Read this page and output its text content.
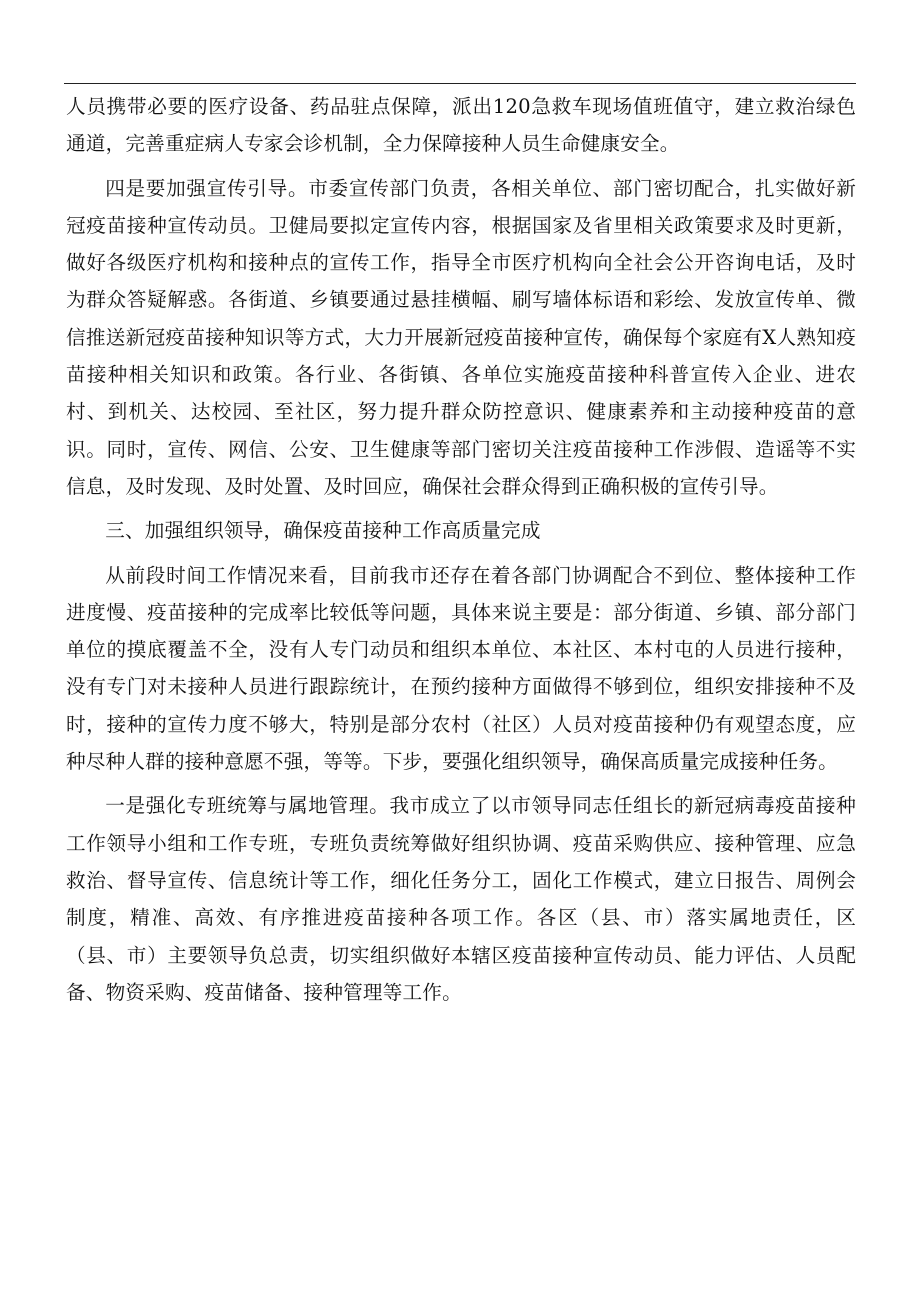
人员携带必要的医疗设备、药品驻点保障，派出120急救车现场值班值守，建立救治绿色通道，完善重症病人专家会诊机制，全力保障接种人员生命健康安全。

四是要加强宣传引导。市委宣传部门负责，各相关单位、部门密切配合，扎实做好新冠疫苗接种宣传动员。卫健局要拟定宣传内容，根据国家及省里相关政策要求及时更新，做好各级医疗机构和接种点的宣传工作，指导全市医疗机构向全社会公开咨询电话，及时为群众答疑解惑。各街道、乡镇要通过悬挂横幅、刷写墙体标语和彩绘、发放宣传单、微信推送新冠疫苗接种知识等方式，大力开展新冠疫苗接种宣传，确保每个家庭有X人熟知疫苗接种相关知识和政策。各行业、各街镇、各单位实施疫苗接种科普宣传入企业、进农村、到机关、达校园、至社区，努力提升群众防控意识、健康素养和主动接种疫苗的意识。同时，宣传、网信、公安、卫生健康等部门密切关注疫苗接种工作涉假、造谣等不实信息，及时发现、及时处置、及时回应，确保社会群众得到正确积极的宣传引导。

三、加强组织领导，确保疫苗接种工作高质量完成

从前段时间工作情况来看，目前我市还存在着各部门协调配合不到位、整体接种工作进度慢、疫苗接种的完成率比较低等问题，具体来说主要是：部分街道、乡镇、部分部门单位的摸底覆盖不全，没有人专门动员和组织本单位、本社区、本村屯的人员进行接种，没有专门对未接种人员进行跟踪统计，在预约接种方面做得不够到位，组织安排接种不及时，接种的宣传力度不够大，特别是部分农村（社区）人员对疫苗接种仍有观望态度，应种尽种人群的接种意愿不强，等等。下步，要强化组织领导，确保高质量完成接种任务。

一是强化专班统筹与属地管理。我市成立了以市领导同志任组长的新冠病毒疫苗接种工作领导小组和工作专班，专班负责统筹做好组织协调、疫苗采购供应、接种管理、应急救治、督导宣传、信息统计等工作，细化任务分工，固化工作模式，建立日报告、周例会制度，精准、高效、有序推进疫苗接种各项工作。各区（县、市）落实属地责任，区（县、市）主要领导负总责，切实组织做好本辖区疫苗接种宣传动员、能力评估、人员配备、物资采购、疫苗储备、接种管理等工作。
